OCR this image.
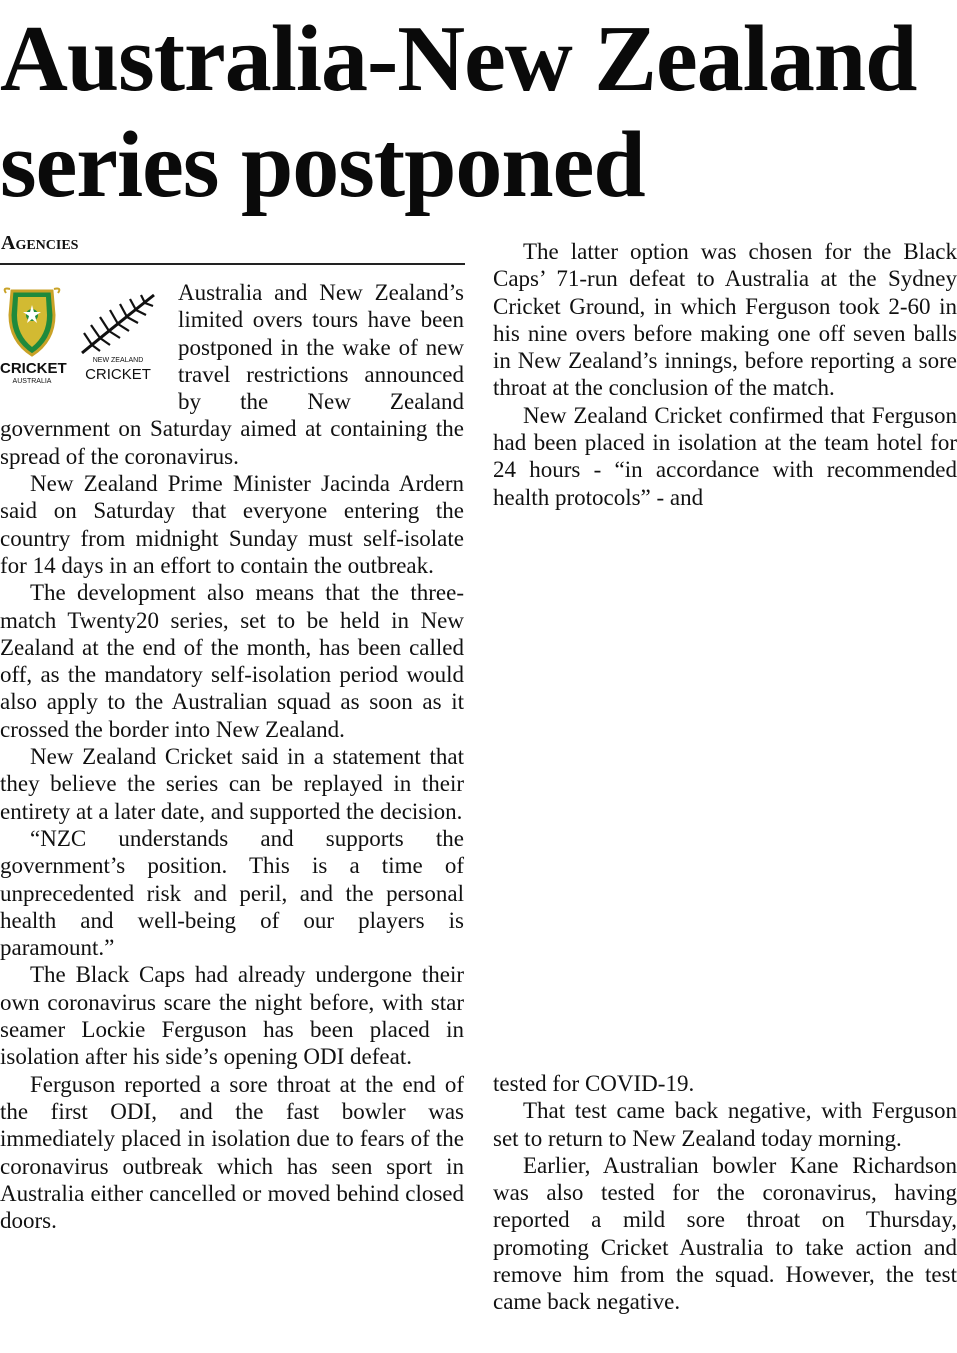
Australia-New Zealand
series postponed
Agencies
CRICKET
AUSTRALIA
NEW ZEALAND
CRICKET

Australia and New Zealand’s limited overs tours have been postponed in the wake of new travel restrictions announced by the New Zealand government on Saturday aimed at containing the spread of the coronavirus.

New Zealand Prime Minister Jacinda Ardern said on Saturday that everyone entering the country from midnight Sunday must self-isolate for 14 days in an effort to contain the outbreak.

The development also means that the three-match Twenty20 series, set to be held in New Zealand at the end of the month, has been called off, as the mandatory self-isolation period would also apply to the Australian squad as soon as it crossed the border into New Zealand.

New Zealand Cricket said in a statement that they believe the series can be replayed in their entirety at a later date, and supported the decision.

“NZC understands and supports the government’s position. This is a time of unprecedented risk and peril, and the personal health and well-being of our players is paramount.”

The Black Caps had already undergone their own coronavirus scare the night before, with star seamer Lockie Ferguson has been placed in isolation after his side’s opening ODI defeat.

Ferguson reported a sore throat at the end of the first ODI, and the fast bowler was immediately placed in isolation due to fears of the coronavirus outbreak which has seen sport in Australia either cancelled or moved behind closed doors.

The latter option was chosen for the Black Caps’ 71-run defeat to Australia at the Sydney Cricket Ground, in which Ferguson took 2-60 in his nine overs before making one off seven balls in New Zealand’s innings, before reporting a sore throat at the conclusion of the match.

New Zealand Cricket confirmed that Ferguson had been placed in isolation at the team hotel for 24 hours - “in accordance with recommended health protocols” - and

tested for COVID-19.

That test came back negative, with Ferguson set to return to New Zealand today morning.

Earlier, Australian bowler Kane Richardson was also tested for the coronavirus, having reported a mild sore throat on Thursday, promoting Cricket Australia to take action and remove him from the squad. However, the test came back negative.
